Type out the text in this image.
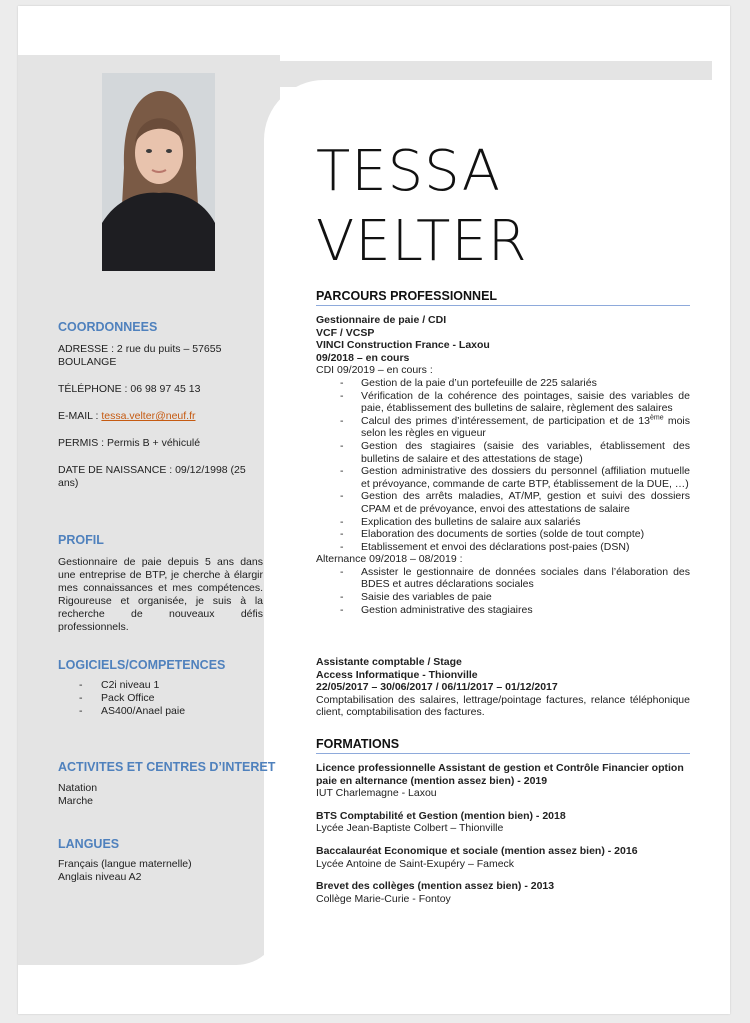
TESSA
VELTER
COORDONNEES

ADRESSE : 2 rue du puits – 57655

BOULANGE

TÉLÉPHONE : 06 98 97 45 13

E-MAIL : tessa.velter@neuf.fr

PERMIS : Permis B + véhiculé

DATE DE NAISSANCE : 09/12/1998 (25 ans)

PROFIL
Gestionnaire de paie depuis 5 ans dans une entreprise de BTP, je cherche à élargir mes connaissances et mes compétences. Rigoureuse et organisée, je suis à la recherche de nouveaux défis professionnels.
LOGICIELS/COMPETENCES
- C2i niveau 1
- Pack Office
- AS400/Anael paie
ACTIVITES ET CENTRES D’INTERET

Natation

Marche

LANGUES

Français (langue maternelle)

Anglais niveau A2

PARCOURS PROFESSIONNEL

Gestionnaire de paie / CDI

VCF / VCSP

VINCI Construction France - Laxou

09/2018 – en cours

CDI 09/2019 – en cours :

- Gestion de la paie d’un portefeuille de 225 salariés
- Vérification de la cohérence des pointages, saisie des variables de paie, établissement des bulletins de salaire, règlement des salaires
- Calcul des primes d’intéressement, de participation et de 13ème mois selon les règles en vigueur
- Gestion des stagiaires (saisie des variables, établissement des bulletins de salaire et des attestations de stage)
- Gestion administrative des dossiers du personnel (affiliation mutuelle et prévoyance, commande de carte BTP, établissement de la DUE, …)
- Gestion des arrêts maladies, AT/MP, gestion et suivi des dossiers CPAM et de prévoyance, envoi des attestations de salaire
- Explication des bulletins de salaire aux salariés
- Elaboration des documents de sorties (solde de tout compte)
- Etablissement et envoi des déclarations post-paies (DSN)

Alternance 09/2018 – 08/2019 :

- Assister le gestionnaire de données sociales dans l’élaboration des BDES et autres déclarations sociales
- Saisie des variables de paie
- Gestion administrative des stagiaires

Assistante comptable / Stage

Access Informatique - Thionville

22/05/2017 – 30/06/2017 / 06/11/2017 – 01/12/2017

Comptabilisation des salaires, lettrage/pointage factures, relance téléphonique client, comptabilisation des factures.

FORMATIONS

Licence professionnelle Assistant de gestion et Contrôle Financier option paie en alternance (mention assez bien) - 2019

IUT Charlemagne - Laxou

BTS Comptabilité et Gestion (mention bien) - 2018

Lycée Jean-Baptiste Colbert – Thionville

Baccalauréat Economique et sociale (mention assez bien) - 2016

Lycée Antoine de Saint-Exupéry – Fameck

Brevet des collèges (mention assez bien) - 2013

Collège Marie-Curie - Fontoy
